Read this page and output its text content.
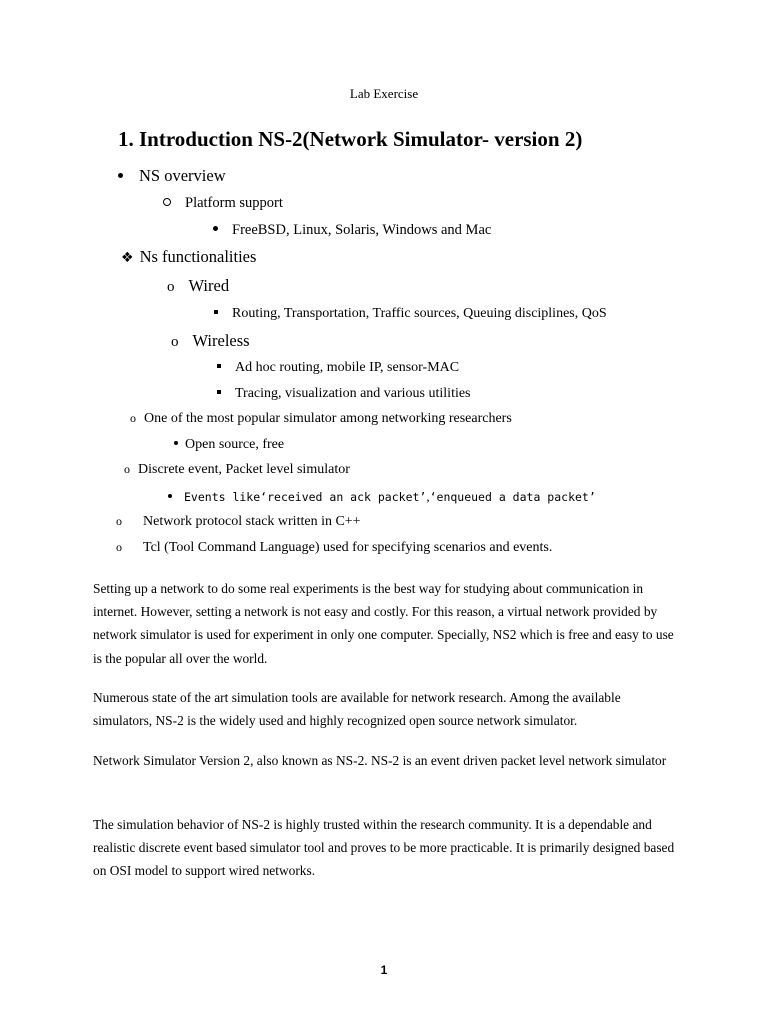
Lab Exercise
1. Introduction NS-2(Network Simulator- version 2)
NS overview
Platform support
FreeBSD, Linux, Solaris, Windows and Mac
❖ Ns functionalities
o Wired
Routing, Transportation, Traffic sources, Queuing disciplines, QoS
o Wireless
Ad hoc routing, mobile IP, sensor-MAC
Tracing, visualization and various utilities
o One of the most popular simulator among networking researchers
Open source, free
o Discrete event, Packet level simulator
Events like ‘received an ack packet’ , ‘enqueued a data packet’
o Network protocol stack written in C++
o Tcl (Tool Command Language) used for specifying scenarios and events.
Setting up a network to do some real experiments is the best way for studying about communication in internet. However, setting a network is not easy and costly. For this reason, a virtual network provided by network simulator is used for experiment in only one computer. Specially, NS2 which is free and easy to use is the popular all over the world.
Numerous state of the art simulation tools are available for network research. Among the available simulators, NS-2 is the widely used and highly recognized open source network simulator.
Network Simulator Version 2, also known as NS-2. NS-2 is an event driven packet level network simulator
The simulation behavior of NS-2 is highly trusted within the research community. It is a dependable and realistic discrete event based simulator tool and proves to be more practicable. It is primarily designed based on OSI model to support wired networks.
1
